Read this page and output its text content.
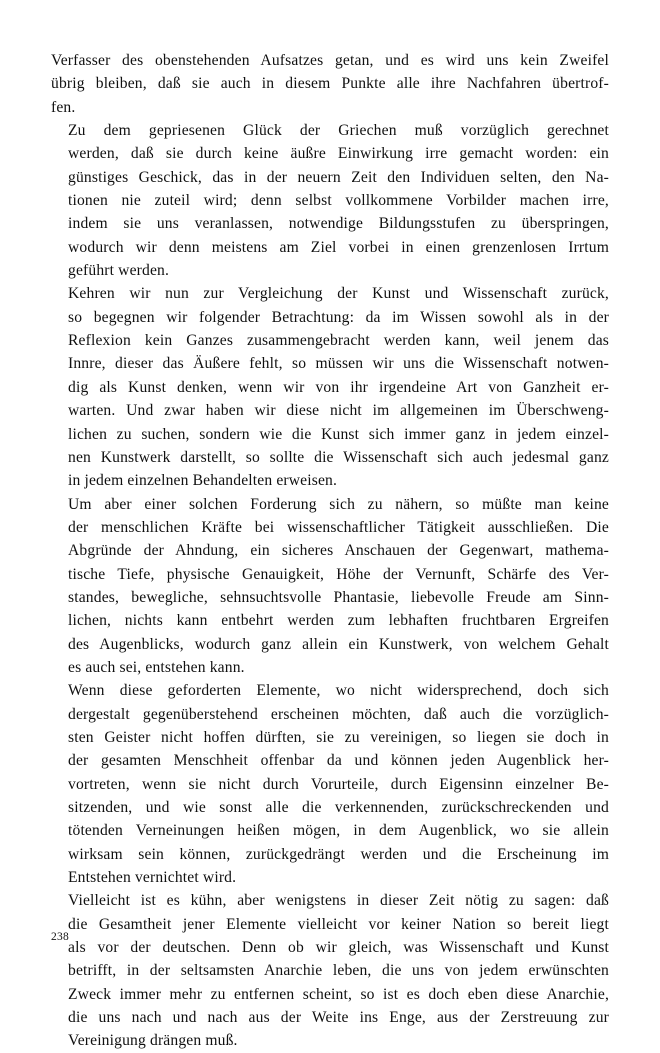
Verfasser des obenstehenden Aufsatzes getan, und es wird uns kein Zweifel
übrig bleiben, daß sie auch in diesem Punkte alle ihre Nachfahren übertrof-
fen.

Zu dem gepriesenen Glück der Griechen muß vorzüglich gerechnet
werden, daß sie durch keine äußre Einwirkung irre gemacht worden: ein
günstiges Geschick, das in der neuern Zeit den Individuen selten, den Na-
tionen nie zuteil wird; denn selbst vollkommene Vorbilder machen irre,
indem sie uns veranlassen, notwendige Bildungsstufen zu überspringen,
wodurch wir denn meistens am Ziel vorbei in einen grenzenlosen Irrtum
geführt werden.

Kehren wir nun zur Vergleichung der Kunst und Wissenschaft zurück,
so begegnen wir folgender Betrachtung: da im Wissen sowohl als in der
Reflexion kein Ganzes zusammengebracht werden kann, weil jenem das
Innre, dieser das Äußere fehlt, so müssen wir uns die Wissenschaft notwen-
dig als Kunst denken, wenn wir von ihr irgendeine Art von Ganzheit er-
warten. Und zwar haben wir diese nicht im allgemeinen im Überschweng-
lichen zu suchen, sondern wie die Kunst sich immer ganz in jedem einzel-
nen Kunstwerk darstellt, so sollte die Wissenschaft sich auch jedesmal ganz
in jedem einzelnen Behandelten erweisen.

Um aber einer solchen Forderung sich zu nähern, so müßte man keine
der menschlichen Kräfte bei wissenschaftlicher Tätigkeit ausschließen. Die
Abgründe der Ahndung, ein sicheres Anschauen der Gegenwart, mathema-
tische Tiefe, physische Genauigkeit, Höhe der Vernunft, Schärfe des Ver-
standes, bewegliche, sehnsuchtsvolle Phantasie, liebevolle Freude am Sinn-
lichen, nichts kann entbehrt werden zum lebhaften fruchtbaren Ergreifen
des Augenblicks, wodurch ganz allein ein Kunstwerk, von welchem Gehalt
es auch sei, entstehen kann.

Wenn diese geforderten Elemente, wo nicht widersprechend, doch sich
dergestalt gegenüberstehend erscheinen möchten, daß auch die vorzüglich-
sten Geister nicht hoffen dürften, sie zu vereinigen, so liegen sie doch in
der gesamten Menschheit offenbar da und können jeden Augenblick her-
vortreten, wenn sie nicht durch Vorurteile, durch Eigensinn einzelner Be-
sitzenden, und wie sonst alle die verkennenden, zurückschreckenden und
tötenden Verneinungen heißen mögen, in dem Augenblick, wo sie allein
wirksam sein können, zurückgedrängt werden und die Erscheinung im
Entstehen vernichtet wird.

Vielleicht ist es kühn, aber wenigstens in dieser Zeit nötig zu sagen: daß
die Gesamtheit jener Elemente vielleicht vor keiner Nation so bereit liegt
als vor der deutschen. Denn ob wir gleich, was Wissenschaft und Kunst
betrifft, in der seltsamsten Anarchie leben, die uns von jedem erwünschten
Zweck immer mehr zu entfernen scheint, so ist es doch eben diese Anarchie,
die uns nach und nach aus der Weite ins Enge, aus der Zerstreuung zur
Vereinigung drängen muß.

238
